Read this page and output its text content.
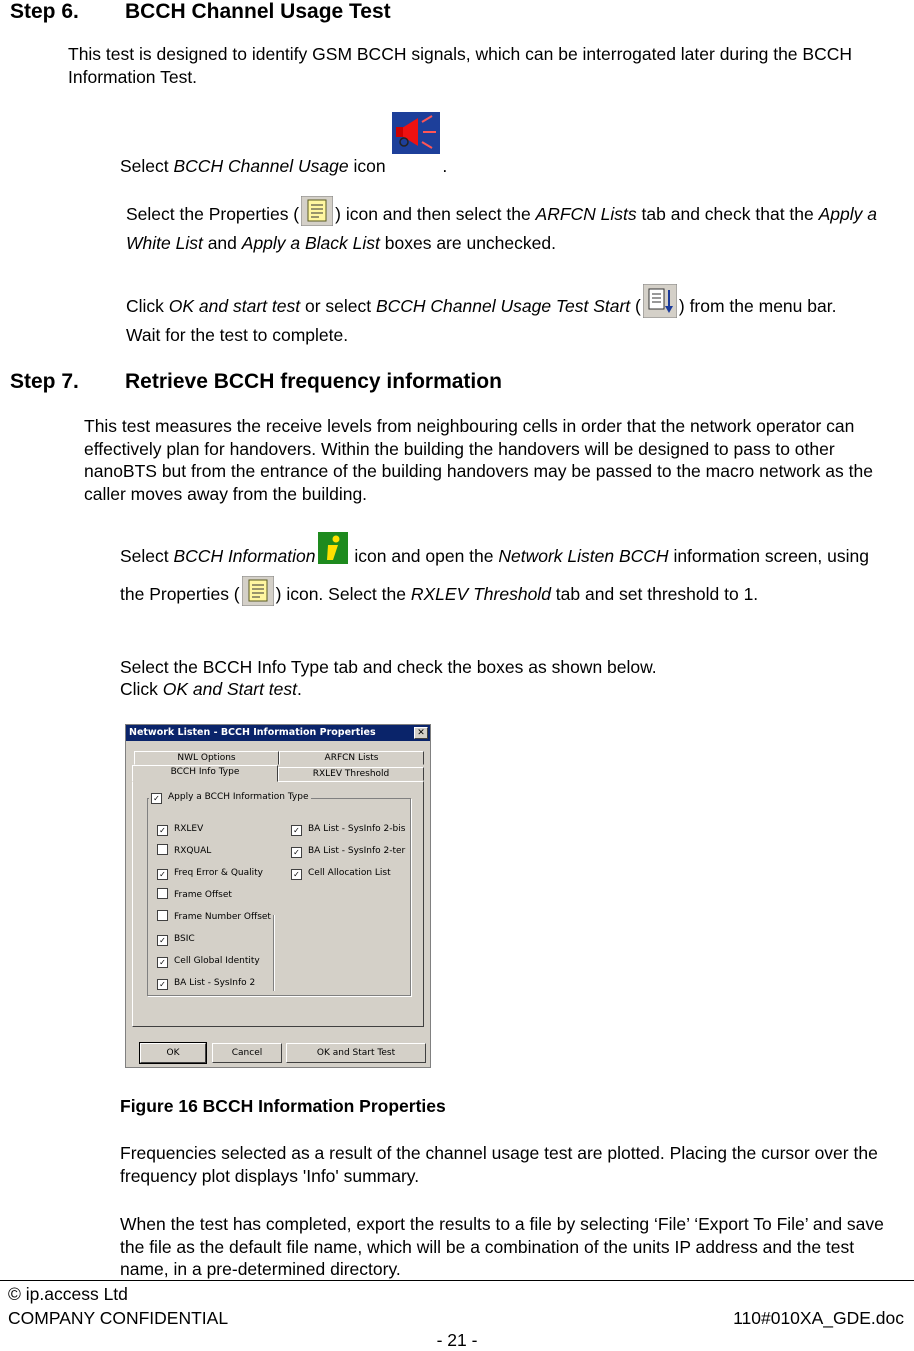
Step 6. BCCH Channel Usage Test
This test is designed to identify GSM BCCH signals, which can be interrogated later during the BCCH Information Test.
Select BCCH Channel Usage icon	.
Select the Properties ( ) icon and then select the ARFCN Lists tab and check that the Apply a White List and Apply a Black List boxes are unchecked.
Click OK and start test or select BCCH Channel Usage Test Start ( ) from the menu bar. Wait for the test to complete.
Step 7. Retrieve BCCH frequency information
This test measures the receive levels from neighbouring cells in order that the network operator can effectively plan for handovers. Within the building the handovers will be designed to pass to other nanoBTS but from the entrance of the building handovers may be passed to the macro network as the caller moves away from the building.
Select BCCH Information icon and open the Network Listen BCCH information screen, using the Properties ( ) icon. Select the RXLEV Threshold tab and set threshold to 1.
Select the BCCH Info Type tab and check the boxes as shown below.
Click OK and Start test.
Network Listen - BCCH Information Properties	✕
NWL Options	ARFCN Lists
BCCH Info Type	RXLEV Threshold
✓ Apply a BCCH Information Type
✓ RXLEV
RXQUAL
✓ Freq Error & Quality
Frame Offset
Frame Number Offset
✓ BSIC
✓ Cell Global Identity
✓ BA List - SysInfo 2
✓ BA List - SysInfo 2-bis
✓ BA List - SysInfo 2-ter
✓ Cell Allocation List
OK	Cancel	OK and Start Test
Figure 16 BCCH Information Properties
Frequencies selected as a result of the channel usage test are plotted. Placing the cursor over the frequency plot displays 'Info' summary.
When the test has completed, export the results to a file by selecting ‘File’ ‘Export To File’ and save the file as the default file name, which will be a combination of the units IP address and the test name, in a pre-determined directory.
© ip.access Ltd
COMPANY CONFIDENTIAL	110#010XA_GDE.doc
- 21 -
